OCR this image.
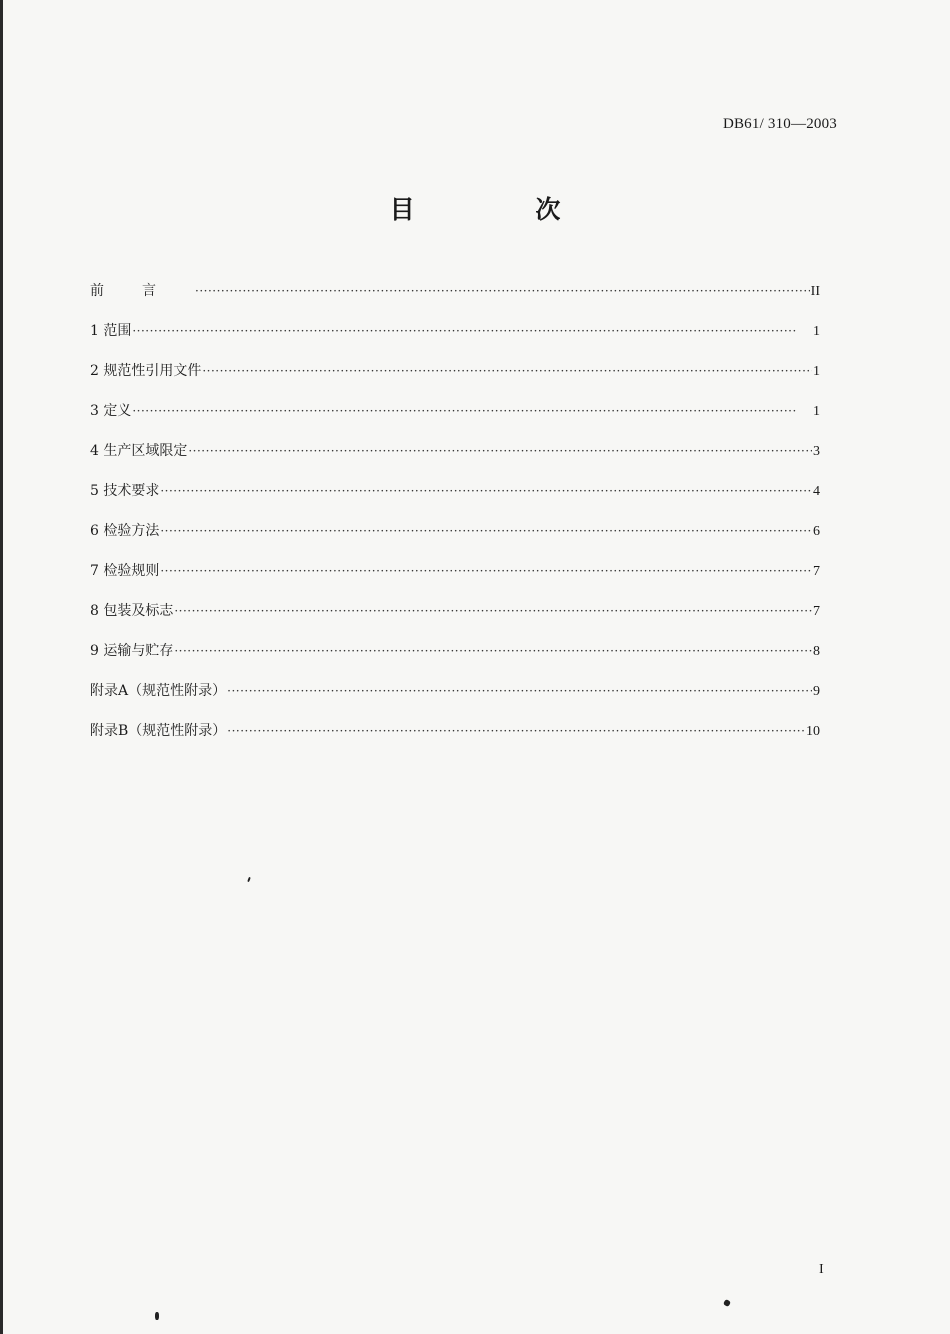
DB61/ 310—2003
目 次
前言 ·····	II
1 范围 ·····	1
2 规范性引用文件 ·····	1
3 定义 ·····	1
4 生产区域限定 ·····	3
5 技术要求 ·····	4
6 检验方法 ·····	6
7 检验规则 ·····	7
8 包装及标志 ·····	7
9 运输与贮存 ·····	8
附录A（规范性附录） ·····	9
附录B（规范性附录） ·····	10
I
